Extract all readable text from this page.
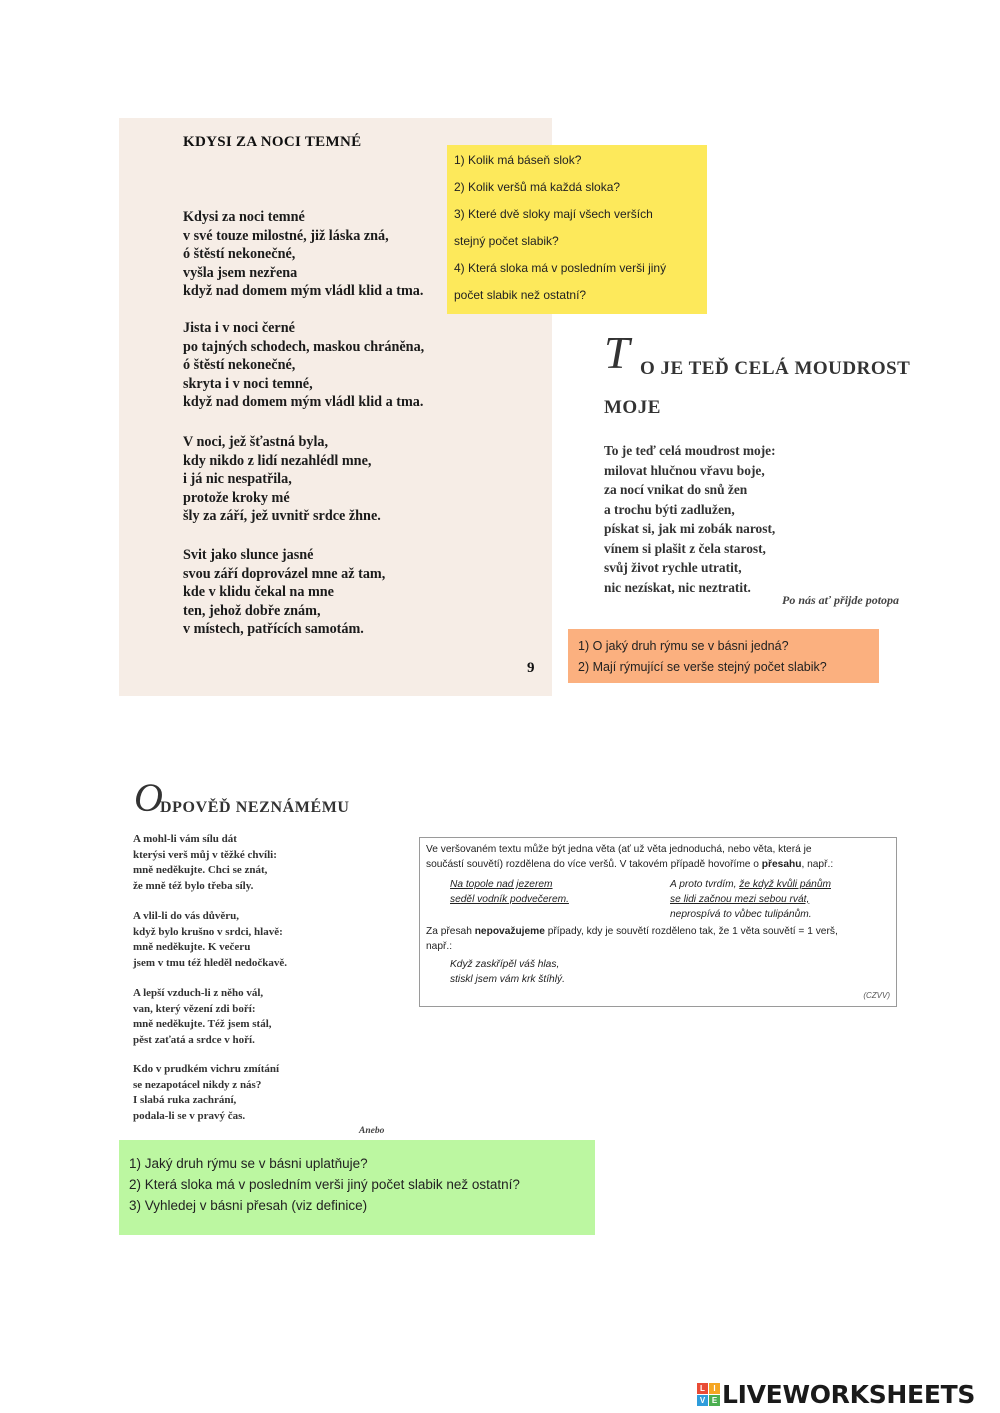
KDYSI ZA NOCI TEMNÉ
Kdysi za noci temné
v své touze milostné, již láska zná,
ó štěstí nekonečné,
vyšla jsem nezřena
když nad domem mým vládl klid a tma.
Jista i v noci černé
po tajných schodech, maskou chráněna,
ó štěstí nekonečné,
skryta i v noci temné,
když nad domem mým vládl klid a tma.
V noci, jež šťastná byla,
kdy nikdo z lidí nezahlédl mne,
i já nic nespatřila,
protože kroky mé
šly za září, jež uvnitř srdce žhne.
Svit jako slunce jasné
svou září doprovázel mne až tam,
kde v klidu čekal na mne
ten, jehož dobře znám,
v místech, patřících samotám.
9
1) Kolik má báseň slok?
2) Kolik veršů má každá sloka?
3) Které dvě sloky mají všech verších
stejný počet slabik?
4) Která sloka má v posledním verši jiný
počet slabik než ostatní?
T O JE TEĎ CELÁ MOUDROST
MOJE
To je teď celá moudrost moje:
milovat hlučnou vřavu boje,
za nocí vnikat do snů žen
a trochu býti zadlužen,
pískat si, jak mi zobák narost,
vínem si plašit z čela starost,
svůj život rychle utratit,
nic nezískat, nic neztratit.
Po nás ať přijde potopa
1) O jaký druh rýmu se v básni jedná?
2) Mají rýmující se verše stejný počet slabik?
O
DPOVĚĎ NEZNÁMÉMU
A mohl-li vám sílu dát
kterýsi verš můj v těžké chvíli:
mně neděkujte. Chci se znát,
že mně též bylo třeba síly.
A vlil-li do vás důvěru,
když bylo krušno v srdci, hlavě:
mně neděkujte. K večeru
jsem v tmu též hleděl nedočkavě.
A lepší vzduch-li z něho vál,
van, který vězení zdi boří:
mně neděkujte. Též jsem stál,
pěst zaťatá a srdce v hoří.
Kdo v prudkém vichru zmítání
se nezapotácel nikdy z nás?
I slabá ruka zachrání,
podala-li se v pravý čas.
Anebo
Ve veršovaném textu může být jedna věta (ať už věta jednoduchá, nebo věta, která je
součástí souvětí) rozdělena do více veršů. V takovém případě hovoříme o přesahu, např.:
Na topole nad jezerem
seděl vodník podvečerem.
A proto tvrdím, že když kvůli pánům
se lidi začnou mezi sebou rvát,
neprospívá to vůbec tulipánům.
Za přesah nepovažujeme případy, kdy je souvětí rozděleno tak, že 1 věta souvětí = 1 verš,
např.:
Když zaskřípěl váš hlas,
stiskl jsem vám krk štíhlý.
(CZVV)
1) Jaký druh rýmu se v básni uplatňuje?
2) Která sloka má v posledním verši jiný počet slabik než ostatní?
3) Vyhledej v básni přesah (viz definice)
L	I
V E LIVEWORKSHEETS
